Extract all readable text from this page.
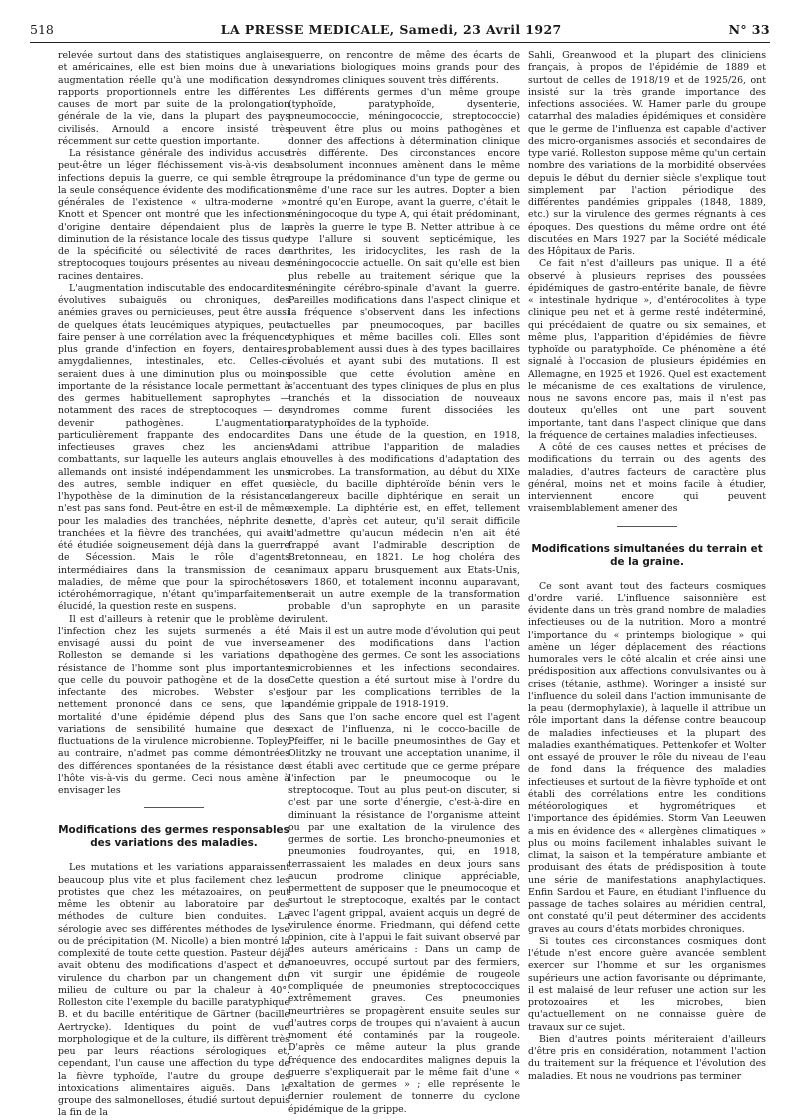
518	LA PRESSE MEDICALE, Samedi, 23 Avril 1927	N° 33

relevée surtout dans des statistiques anglaises et américaines, elle est bien moins due à une augmentation réelle qu'à une modification des rapports proportionnels entre les différentes causes de mort par suite de la prolongation générale de la vie, dans la plupart des pays civilisés. Arnould a encore insisté très récemment sur cette question importante.

La résistance générale des individus accuse peut-être un léger fléchissement vis-à-vis des infections depuis la guerre, ce qui semble être la seule conséquence évidente des modifications générales de l'existence « ultra-moderne ». Knott et Spencer ont montré que les infections d'origine dentaire dépendaient plus de la diminution de la résistance locale des tissus que de la spécificité ou sélectivité de races de streptocoques toujours présentes au niveau des racines dentaires.

L'augmentation indiscutable des endocardites évolutives subaiguës ou chroniques, des anémies graves ou pernicieuses, peut être aussi de quelques états leucémiques atypiques, peut faire penser à une corrélation avec la fréquence plus grande d'infection en foyers, dentaires, amygdaliennes, intestinales, etc. Celles-ci seraient dues à une diminution plus ou moins importante de la résistance locale permettant à des germes habituellement saprophytes — notamment des races de streptocoques — de devenir pathogènes. L'augmentation particulièrement frappante des endocardites infectieuses graves chez les anciens combattants, sur laquelle les auteurs anglais et allemands ont insisté indépendamment les uns des autres, semble indiquer en effet que l'hypothèse de la diminution de la résistance n'est pas sans fond. Peut-être en est-il de même pour les maladies des tranchées, néphrite des tranchées et la fièvre des tranchées, qui avait été étudiée soigneusement déjà dans la guerre de Sécession. Mais le rôle d'agents intermédiaires dans la transmission de ces maladies, de même que pour la spirochétose ictérohémorragique, n'étant qu'imparfaitement élucidé, la question reste en suspens.

Il est d'ailleurs à retenir que le problème de l'infection chez les sujets surmenés a été envisagé aussi du point de vue inverse. Rolleston se demande si les variations de résistance de l'homme sont plus importantes que celle du pouvoir pathogène et de la dose infectante des microbes. Webster s'est nettement prononcé dans ce sens, que la mortalité d'une épidémie dépend plus des variations de sensibilité humaine que des fluctuations de la virulence microbienne. Topley, au contraire, n'admet pas comme démontrées des différences spontanées de la résistance de l'hôte vis-à-vis du germe. Ceci nous amène à envisager les

Modifications des germes responsables des variations des maladies.

Les mutations et les variations apparaissent beaucoup plus vite et plus facilement chez les protistes que chez les métazoaires, on peut même les obtenir au laboratoire par des méthodes de culture bien conduites. La sérologie avec ses différentes méthodes de lyse ou de précipitation (M. Nicolle) a bien montré la complexité de toute cette question. Pasteur déjà avait obtenu des modifications d'aspect et de virulence du charbon par un changement du milieu de culture ou par la chaleur à 40°. Rolleston cite l'exemple du bacille paratyphique B. et du bacille entéritique de Gärtner (bacille Aertrycke). Identiques du point de vue morphologique et de la culture, ils diffèrent très peu par leurs réactions sérologiques et, cependant, l'un cause une affection du type de la fièvre typhoïde, l'autre du groupe des intoxications alimentaires aiguës. Dans le groupe des salmonelloses, étudié surtout depuis la fin de la

guerre, on rencontre de même des écarts de variations biologiques moins grands pour des syndromes cliniques souvent très différents.

Les différents germes d'un même groupe (typhoïde, paratyphoïde, dysenterie, pneumococcie, méningococcie, streptococcie) peuvent être plus ou moins pathogènes et donner des affections à détermination clinique très différente. Des circonstances encore absolument inconnues amènent dans le même groupe la prédominance d'un type de germe ou même d'une race sur les autres. Dopter a bien montré qu'en Europe, avant la guerre, c'était le méningocoque du type A, qui était prédominant, après la guerre le type B. Netter attribue à ce type l'allure si souvent septicémique, les arthrites, les iridocyclites, les rash de la méningococcie actuelle. On sait qu'elle est bien plus rebelle au traitement sérique que la méningite cérébro-spinale d'avant la guerre. Pareilles modifications dans l'aspect clinique et la fréquence s'observent dans les infections actuelles par pneumocoques, par bacilles typhiques et même bacilles coli. Elles sont probablement aussi dues à des types bacillaires évolués et ayant subi des mutations. Il est possible que cette évolution amène en s'accentuant des types cliniques de plus en plus tranchés et la dissociation de nouveaux syndromes comme furent dissociées les paratyphoïdes de la typhoïde.

Dans une étude de la question, en 1918, Adami attribue l'apparition de maladies nouvelles à des modifications d'adaptation des microbes. La transformation, au début du XIXe siècle, du bacille diphtéroïde bénin vers le dangereux bacille diphtérique en serait un exemple. La diphtérie est, en effet, tellement nette, d'après cet auteur, qu'il serait difficile d'admettre qu'aucun médecin n'en ait été frappé avant l'admirable description de Bretonneau, en 1821. Le hog choléra des animaux apparu brusquement aux Etats-Unis, vers 1860, et totalement inconnu auparavant, serait un autre exemple de la transformation probable d'un saprophyte en un parasite virulent.

Mais il est un autre mode d'évolution qui peut amener des modifications dans l'action pathogène des germes. Ce sont les associations microbiennes et les infections secondaires. Cette question a été surtout mise à l'ordre du jour par les complications terribles de la pandémie grippale de 1918-1919.

Sans que l'on sache encore quel est l'agent exact de l'influenza, ni le cocco-bacille de Pfeiffer, ni le bacille pneumosinthes de Gay et Olitzky ne trouvant une acceptation unanime, il est établi avec certitude que ce germe prépare l'infection par le pneumocoque ou le streptocoque. Tout au plus peut-on discuter, si c'est par une sorte d'énergie, c'est-à-dire en diminuant la résistance de l'organisme atteint ou par une exaltation de la virulence des germes de sortie. Les broncho-pneumonies et pneumonies foudroyantes, qui, en 1918, terrassaient les malades en deux jours sans aucun prodrome clinique appréciable, permettent de supposer que le pneumocoque et surtout le streptocoque, exaltés par le contact avec l'agent grippal, avaient acquis un degré de virulence énorme. Friedmann, qui défend cette opinion, cite à l'appui le fait suivant observé par des auteurs américains : Dans un camp de manoeuvres, occupé surtout par des fermiers, on vit surgir une épidémie de rougeole compliquée de pneumonies streptococciques extrêmement graves. Ces pneumonies meurtrières se propagèrent ensuite seules sur d'autres corps de troupes qui n'avaient à aucun moment été contaminés par la rougeole. D'après ce même auteur la plus grande fréquence des endocardites malignes depuis la guerre s'expliquerait par le même fait d'une « exaltation de germes » ; elle représente le dernier roulement de tonnerre du cyclone épidémique de la grippe.

Sahli, Greanwood et la plupart des cliniciens français, à propos de l'épidémie de 1889 et surtout de celles de 1918/19 et de 1925/26, ont insisté sur la très grande importance des infections associées. W. Hamer parle du groupe catarrhal des maladies épidémiques et considère que le germe de l'influenza est capable d'activer des micro-organismes associés et secondaires de type varié. Rolleston suppose même qu'un certain nombre des variations de la morbidité observées depuis le début du dernier siècle s'explique tout simplement par l'action périodique des différentes pandémies grippales (1848, 1889, etc.) sur la virulence des germes régnants à ces époques. Des questions du même ordre ont été discutées en Mars 1927 par la Société médicale des Hôpitaux de Paris.

Ce fait n'est d'ailleurs pas unique. Il a été observé à plusieurs reprises des poussées épidémiques de gastro-entérite banale, de fièvre « intestinale hydrique », d'entérocolites à type clinique peu net et à germe resté indéterminé, qui précédaient de quatre ou six semaines, et même plus, l'apparition d'épidémies de fièvre typhoïde ou paratyphoïde. Ce phénomène a été signalé à l'occasion de plusieurs épidémies en Allemagne, en 1925 et 1926. Quel est exactement le mécanisme de ces exaltations de virulence, nous ne savons encore pas, mais il n'est pas douteux qu'elles ont une part souvent importante, tant dans l'aspect clinique que dans la fréquence de certaines maladies infectieuses.

A côté de ces causes nettes et précises de modifications du terrain ou des agents des maladies, d'autres facteurs de caractère plus général, moins net et moins facile à étudier, interviennent encore qui peuvent vraisemblablement amener des

Modifications simultanées du terrain et de la graine.

Ce sont avant tout des facteurs cosmiques d'ordre varié. L'influence saisonnière est évidente dans un très grand nombre de maladies infectieuses ou de la nutrition. Moro a montré l'importance du « printemps biologique » qui amène un léger déplacement des réactions humorales vers le côté alcalin et crée ainsi une prédisposition aux affections convulsivantes ou à crises (tétanie, asthme). Woringer a insisté sur l'influence du soleil dans l'action immunisante de la peau (dermophylaxie), à laquelle il attribue un rôle important dans la défense contre beaucoup de maladies infectieuses et la plupart des maladies exanthématiques. Pettenkofer et Wolter ont essayé de prouver le rôle du niveau de l'eau de fond dans la fréquence des maladies infectieuses et surtout de la fièvre typhoïde et ont établi des corrélations entre les conditions météorologiques et hygrométriques et l'importance des épidémies. Storm Van Leeuwen a mis en évidence des « allergènes climatiques » plus ou moins facilement inhalables suivant le climat, la saison et la température ambiante et produisant des états de prédisposition à toute une série de manifestations anaphylactiques. Enfin Sardou et Faure, en étudiant l'influence du passage de taches solaires au méridien central, ont constaté qu'il peut déterminer des accidents graves au cours d'états morbides chroniques.

Si toutes ces circonstances cosmiques dont l'étude n'est encore guère avancée semblent exercer sur l'homme et sur les organismes supérieurs une action favorisante ou déprimante, il est malaisé de leur refuser une action sur les protozoaires et les microbes, bien qu'actuellement on ne connaisse guère de travaux sur ce sujet.

Bien d'autres points mériteraient d'ailleurs d'être pris en considération, notamment l'action du traitement sur la fréquence et l'évolution des maladies. Et nous ne voudrions pas terminer
